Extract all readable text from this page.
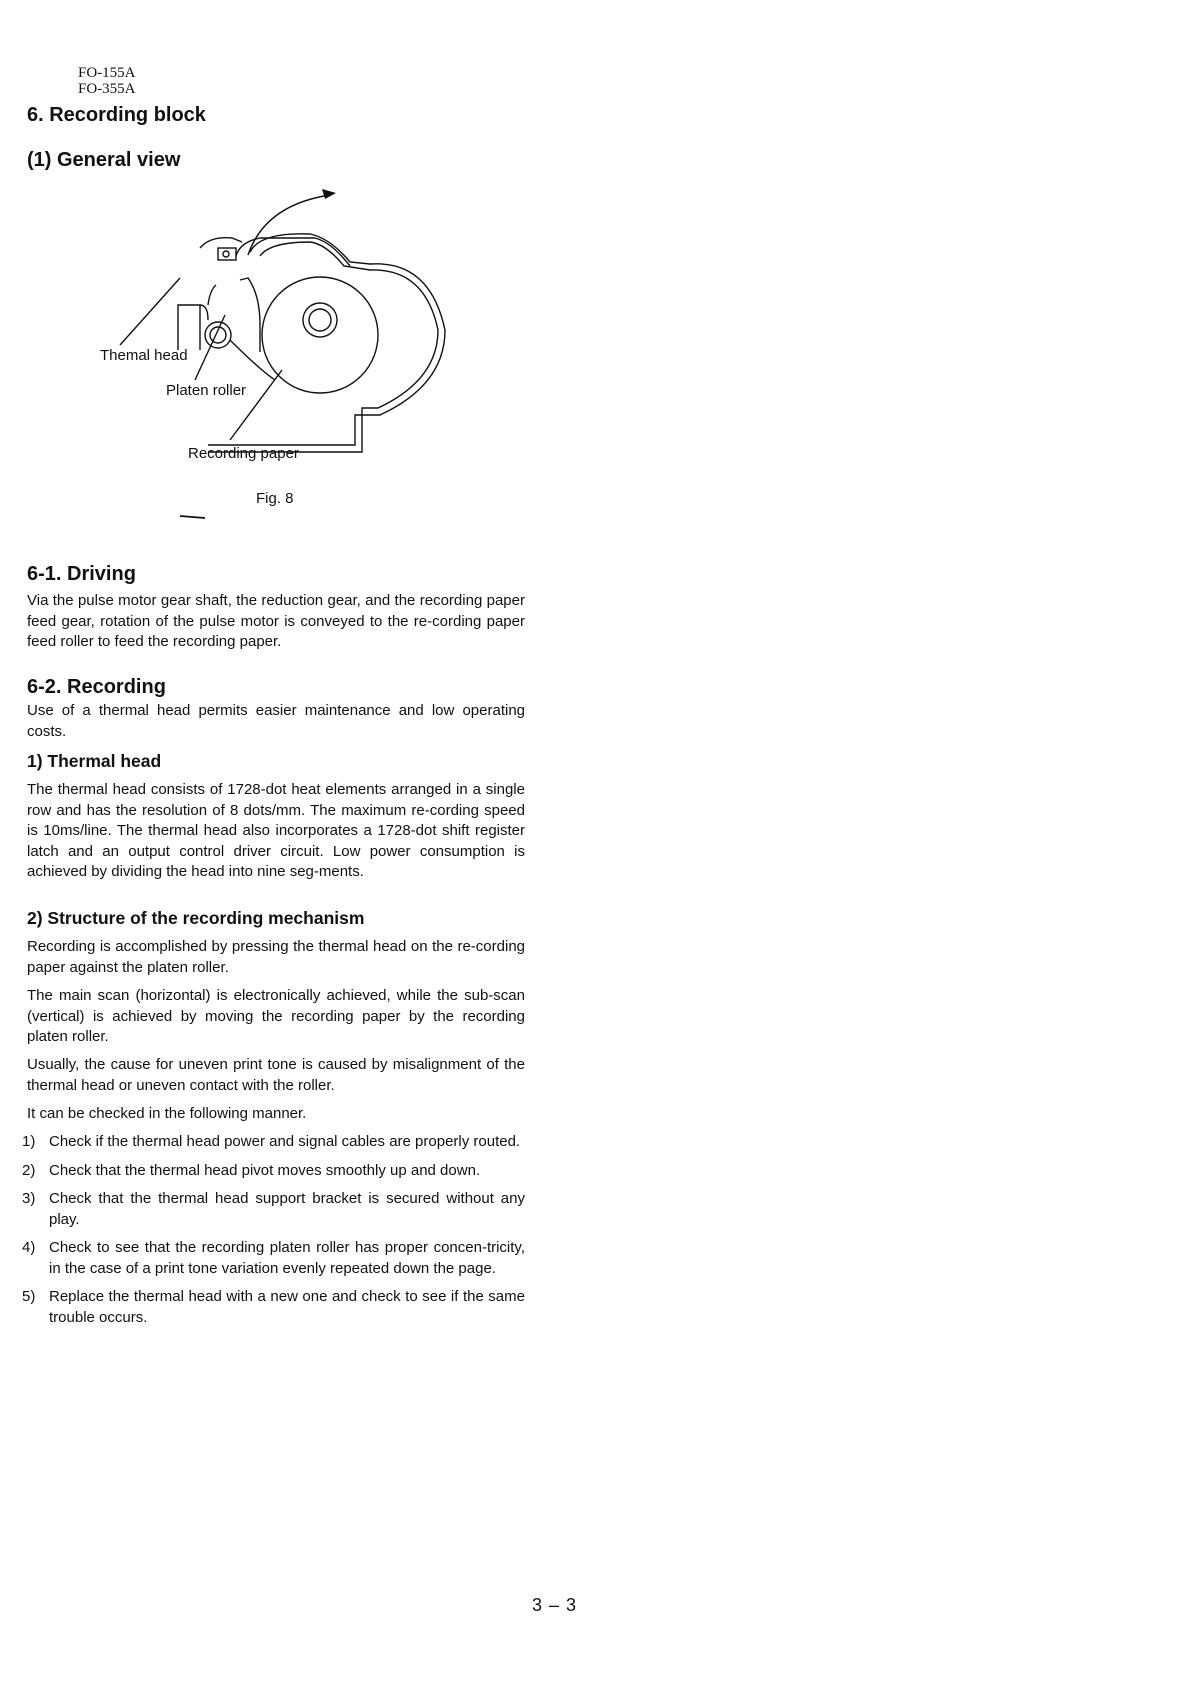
FO-155A
FO-355A
6. Recording block
(1) General view
Themal head
Platen roller
Recording paper
Fig. 8
6-1. Driving

Via the pulse motor gear shaft, the reduction gear, and the recording paper feed gear, rotation of the pulse motor is conveyed to the re-cording paper feed roller to feed the recording paper.

6-2. Recording

Use of a thermal head permits easier maintenance and low operating costs.

1) Thermal head

The thermal head consists of 1728-dot heat elements arranged in a single row and has the resolution of 8 dots/mm. The maximum re-cording speed is 10ms/line. The thermal head also incorporates a 1728-dot shift register latch and an output control driver circuit. Low power consumption is achieved by dividing the head into nine seg-ments.

2) Structure of the recording mechanism

Recording is accomplished by pressing the thermal head on the re-cording paper against the platen roller.

The main scan (horizontal) is electronically achieved, while the sub-scan (vertical) is achieved by moving the recording paper by the recording platen roller.

Usually, the cause for uneven print tone is caused by misalignment of the thermal head or uneven contact with the roller.

It can be checked in the following manner.

1) Check if the thermal head power and signal cables are properly routed.
2) Check that the thermal head pivot moves smoothly up and down.
3) Check that the thermal head support bracket is secured without any play.
4) Check to see that the recording platen roller has proper concen-tricity, in the case of a print tone variation evenly repeated down the page.
5) Replace the thermal head with a new one and check to see if the same trouble occurs.
3 – 3
